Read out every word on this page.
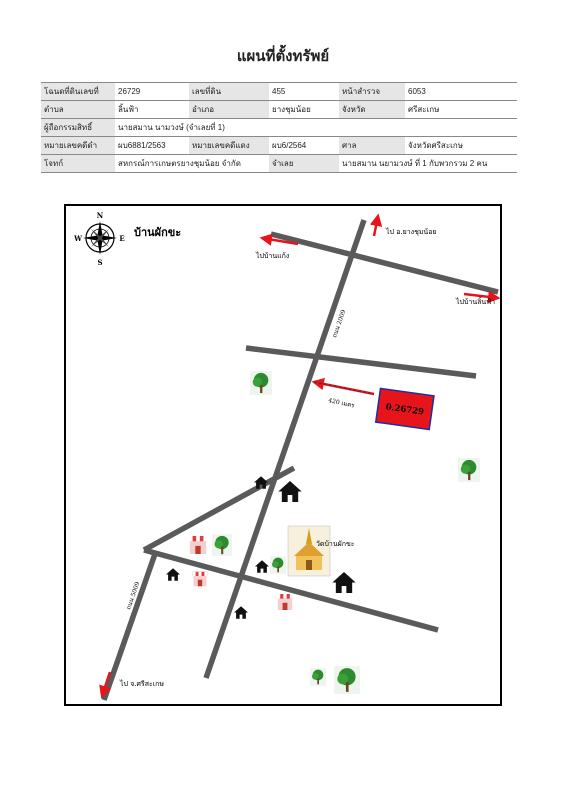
แผนที่ตั้งทรัพย์
โฉนดที่ดินเลขที่	26729	เลขที่ดิน	455	หน้าสำรวจ	6053
ตำบล	ลิ้นฟ้า	อำเภอ	ยางชุมน้อย	จังหวัด	ศรีสะเกษ
ผู้ถือกรรมสิทธิ์	นายสมาน นามวงษ์ (จำเลยที่ 1)				
หมายเลขคดีดำ	ผบ6881/2563	หมายเลขคดีแดง	ผบ6/2564	ศาล	จังหวัดศรีสะเกษ
โจทก์	สหกรณ์การเกษตรยางชุมน้อย จำกัด		จำเลย	นายสมาน นยามวงษ์ ที่ 1 กับพวกรวม 2 คน	
N
S
E
W	บ้านผักขะ	ไป อ.ยางชุมน้อย
ไปบ้านแก้ง
ไปบ้านลิ้นฟ้า
ไป จ.ศรีสะเกษ
ถนน 2009
ถนน 5009
420 เมตร	0.26729
วัดบ้านผักขะ
